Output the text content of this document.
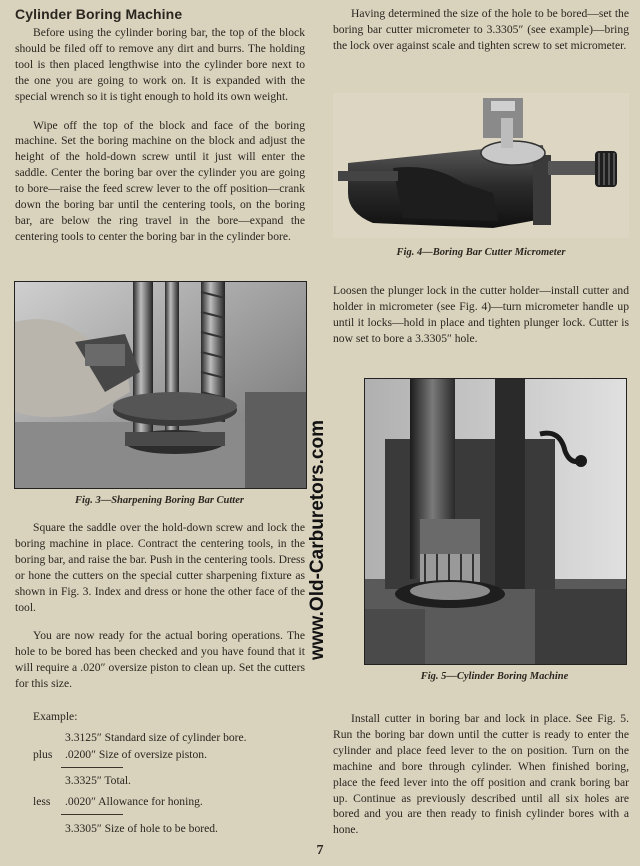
Cylinder Boring Machine

Before using the cylinder boring bar, the top of the block should be filed off to remove any dirt and burrs. The holding tool is then placed lengthwise into the cylinder bore next to the one you are going to work on. It is expanded with the special wrench so it is tight enough to hold its own weight.

Wipe off the top of the block and face of the boring machine. Set the boring machine on the block and adjust the height of the hold-down screw until it just will enter the saddle. Center the boring bar over the cylinder you are going to bore—raise the feed screw lever to the off position—crank down the boring bar until the centering tools, on the boring bar, are below the ring travel in the bore—expand the centering tools to center the boring bar in the cylinder bore.

Fig. 3—Sharpening Boring Bar Cutter

Square the saddle over the hold-down screw and lock the boring machine in place. Contract the centering tools, in the boring bar, and raise the bar. Push in the centering tools. Dress or hone the cutters on the special cutter sharpening fixture as shown in Fig. 3. Index and dress or hone the other face of the tool.

You are now ready for the actual boring operations. The hole to be bored has been checked and you have found that it will require a .020″ oversize piston to clean up. Set the cutters for this size.

Example:
3.3125″ Standard size of cylinder bore.
plus .0200″ Size of oversize piston.
3.3325″ Total.
less .0020″ Allowance for honing.
3.3305″ Size of hole to be bored.

Having determined the size of the hole to be bored—set the boring bar cutter micrometer to 3.3305″ (see example)—bring the lock over against scale and tighten screw to set micrometer.

Fig. 4—Boring Bar Cutter Micrometer

Loosen the plunger lock in the cutter holder—install cutter and holder in micrometer (see Fig. 4)—turn micrometer handle up until it locks—hold in place and tighten plunger lock. Cutter is now set to bore a 3.3305″ hole.

Fig. 5—Cylinder Boring Machine

Install cutter in boring bar and lock in place. See Fig. 5. Run the boring bar down until the cutter is ready to enter the cylinder and place feed lever to the on position. Turn on the machine and bore through cylinder. When finished boring, place the feed lever into the off position and crank boring bar up. Continue as previously described until all six holes are bored and you are then ready to finish cylinder bores with a hone.

www.Old-Carburetors.com
7
